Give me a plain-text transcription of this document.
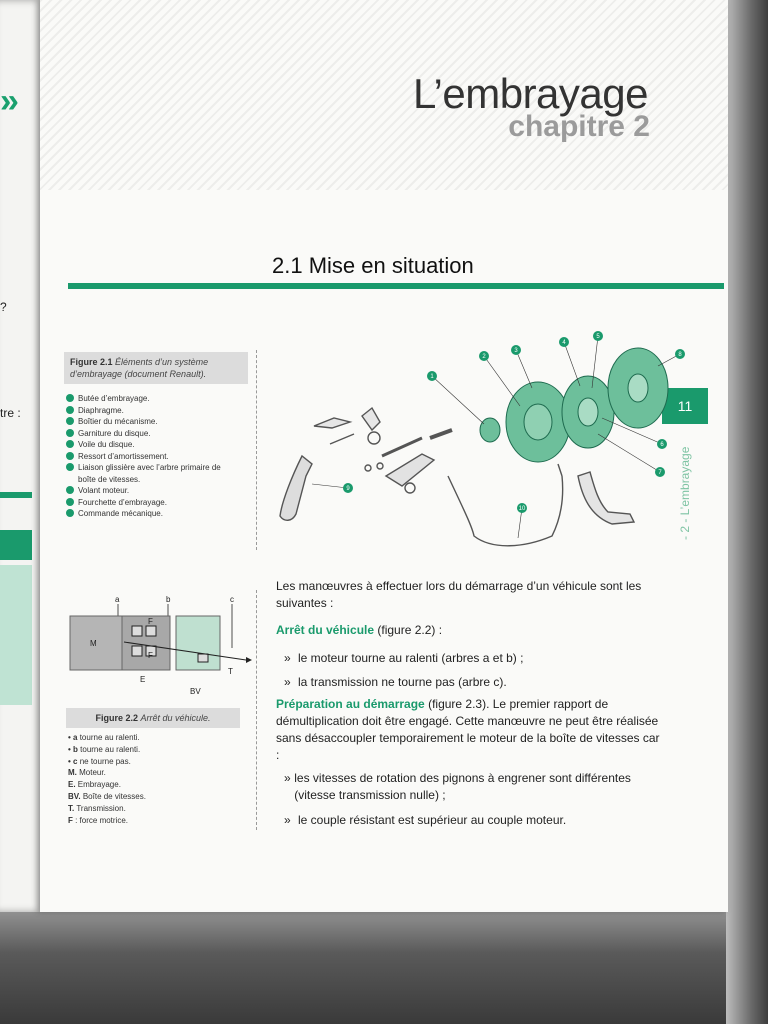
»
?
tre :
L’embrayage
chapitre 2
2.1 Mise en situation
11
- 2 - L’embrayage
Figure 2.1 Éléments d’un système d’embrayage (document Renault).
Butée d’embrayage.
Diaphragme.
Boîtier du mécanisme.
Garniture du disque.
Voile du disque.
Ressort d’amortissement.
Liaison glissière avec l’arbre primaire de boîte de vitesses.
Volant moteur.
Fourchette d’embrayage.
Commande mécanique.
1
2
3
4
5
6
7
8
9
10
a	b	c
M
E
BV
T
F
F
Figure 2.2 Arrêt du véhicule.
• a tourne au ralenti.
• b tourne au ralenti.
• c ne tourne pas.
M. Moteur.
E. Embrayage.
BV. Boîte de vitesses.
T. Transmission.
F : force motrice.
Les manœuvres à effectuer lors du démarrage d’un véhicule sont les suivantes :
Arrêt du véhicule (figure 2.2) :
» le moteur tourne au ralenti (arbres a et b) ;
» la transmission ne tourne pas (arbre c).
Préparation au démarrage (figure 2.3). Le premier rapport de démultiplication doit être engagé. Cette manœuvre ne peut être réalisée sans désaccoupler temporairement le moteur de la boîte de vitesses car :
» les vitesses de rotation des pignons à engrener sont différentes (vitesse transmission nulle) ;
» le couple résistant est supérieur au couple moteur.
